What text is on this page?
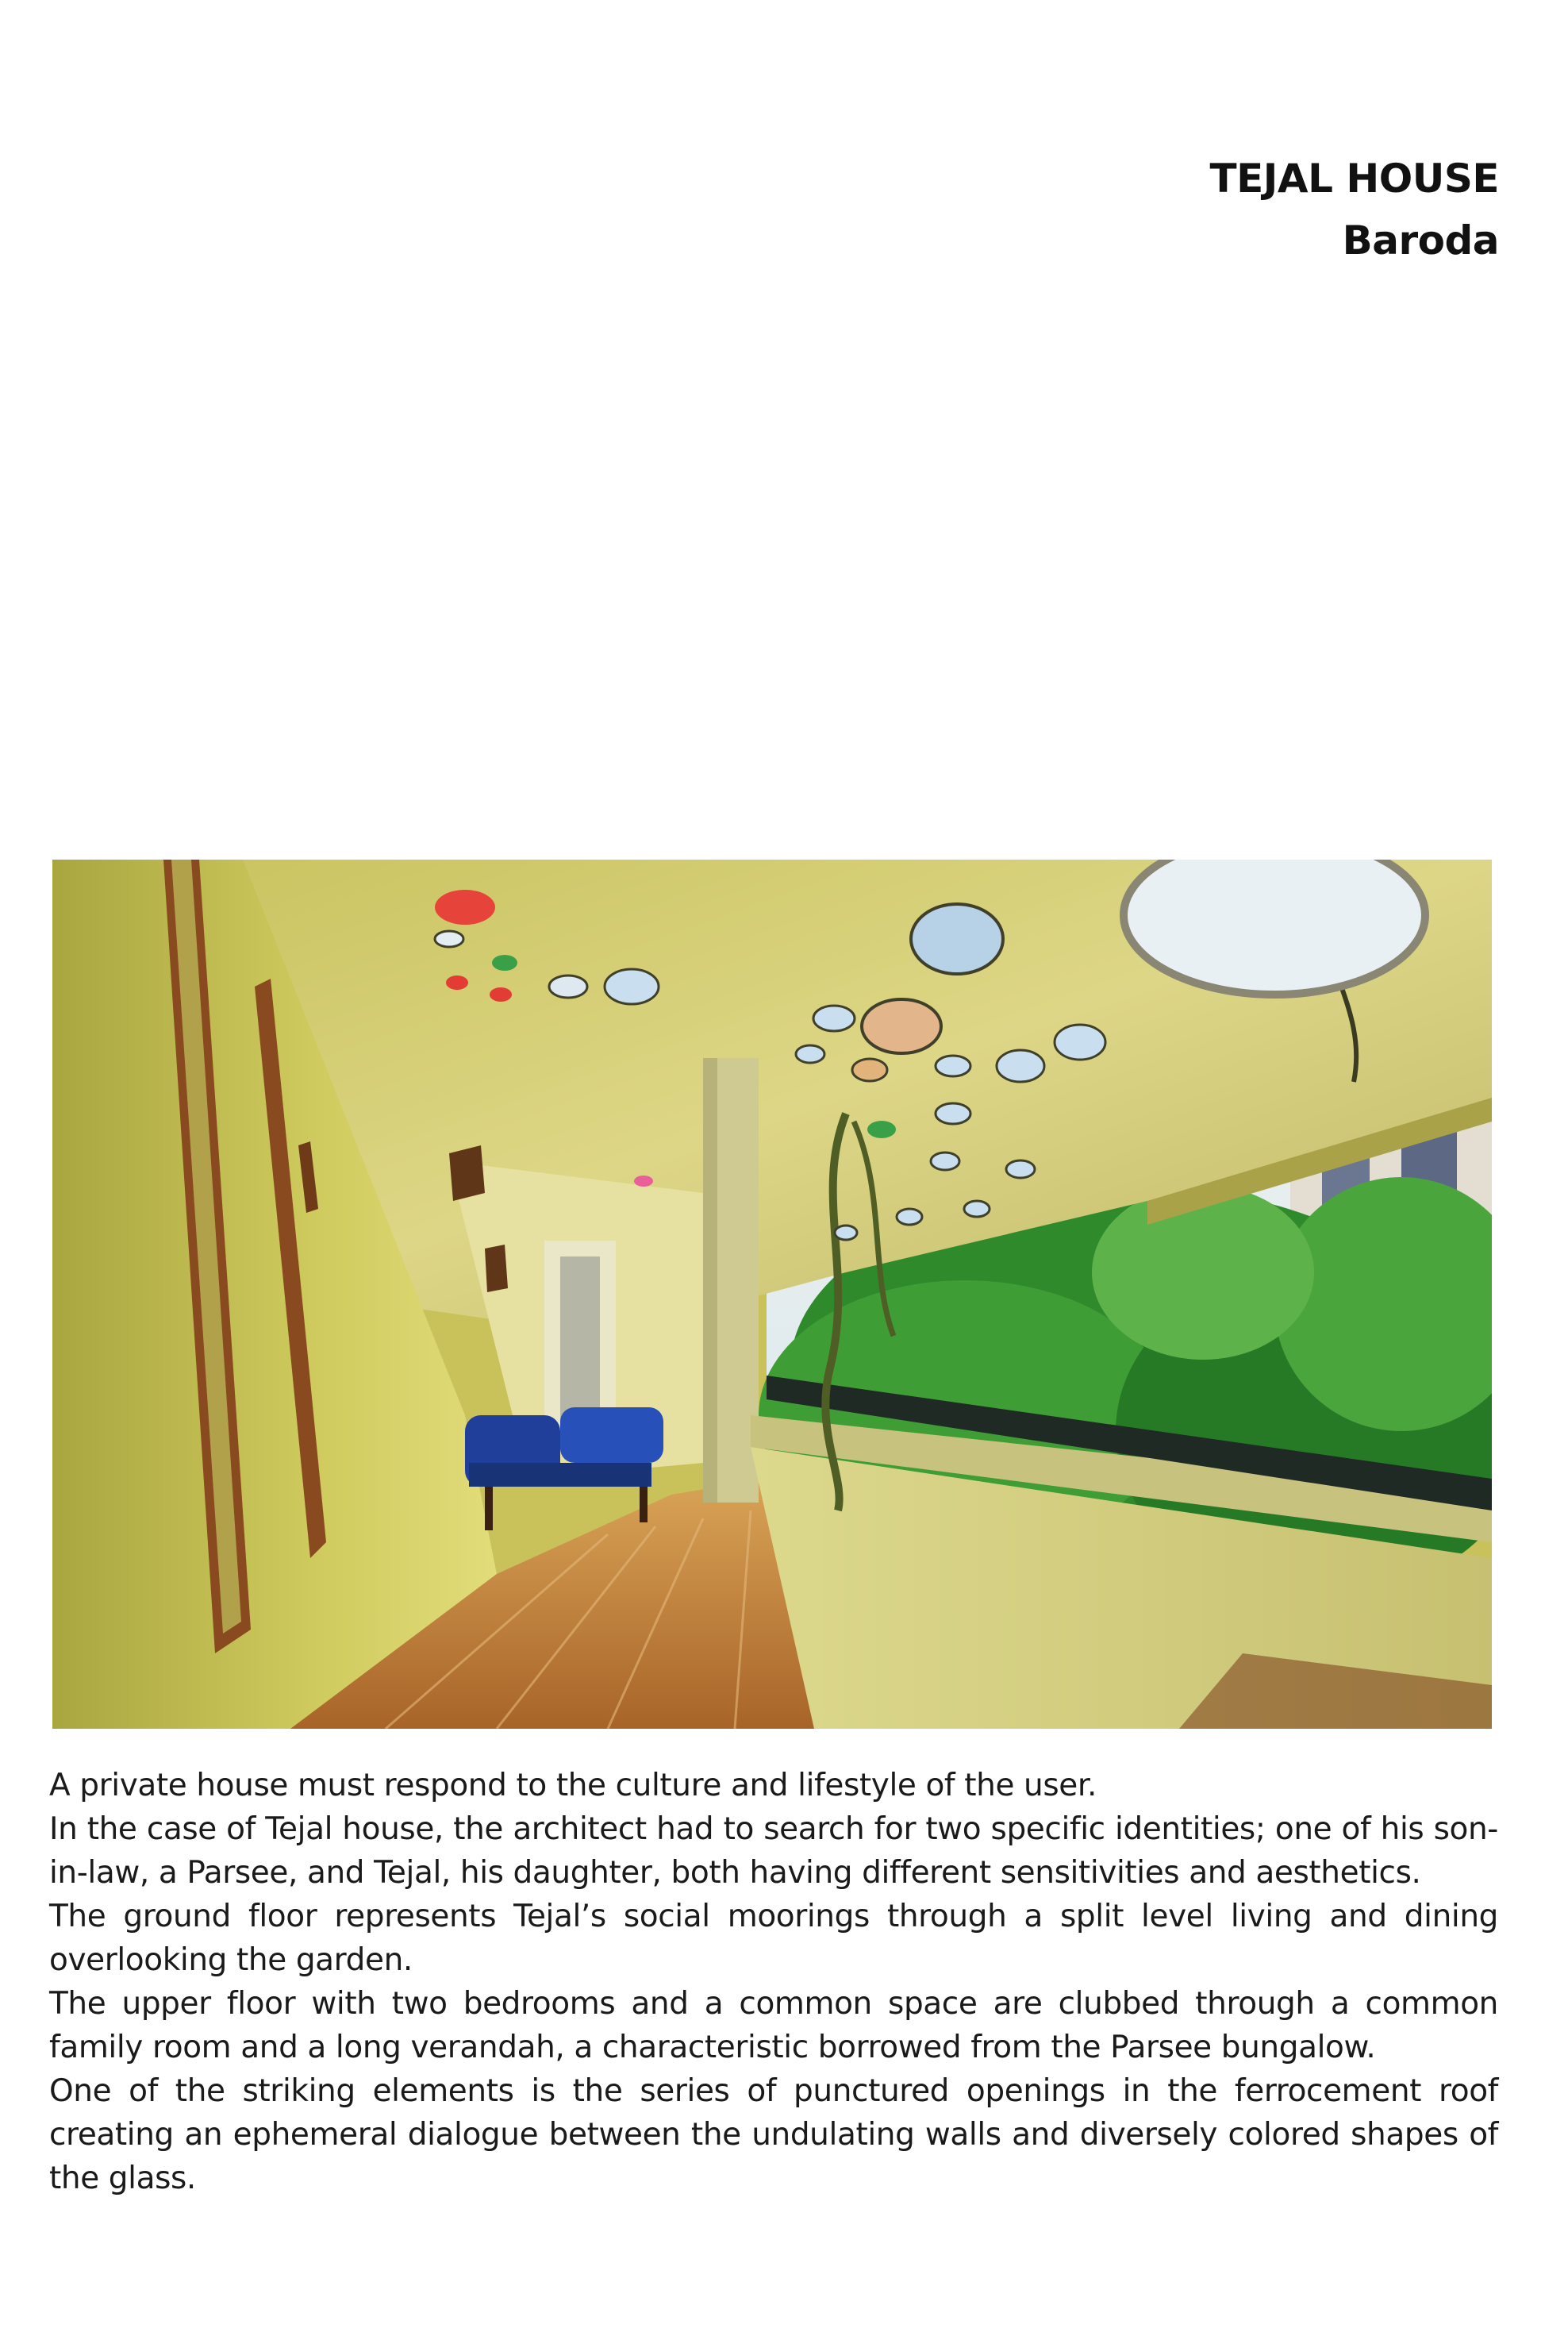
TEJAL HOUSE
Baroda

A private house must respond to the culture and lifestyle of the user.

In the case of Tejal house, the architect had to search for two specific identities; one of his son-in-law, a Parsee, and Tejal, his daughter, both having different sensitivities and aesthetics.

The ground floor represents Tejal’s social moorings through a split level living and dining overlooking the garden.

The upper floor with two bedrooms and a common space are clubbed through a common family room and a long verandah, a characteristic borrowed from the Parsee bungalow.

One of the striking elements is the series of punctured openings in the ferrocement roof creating an ephemeral dialogue between the undulating walls and diversely colored shapes of the glass.
